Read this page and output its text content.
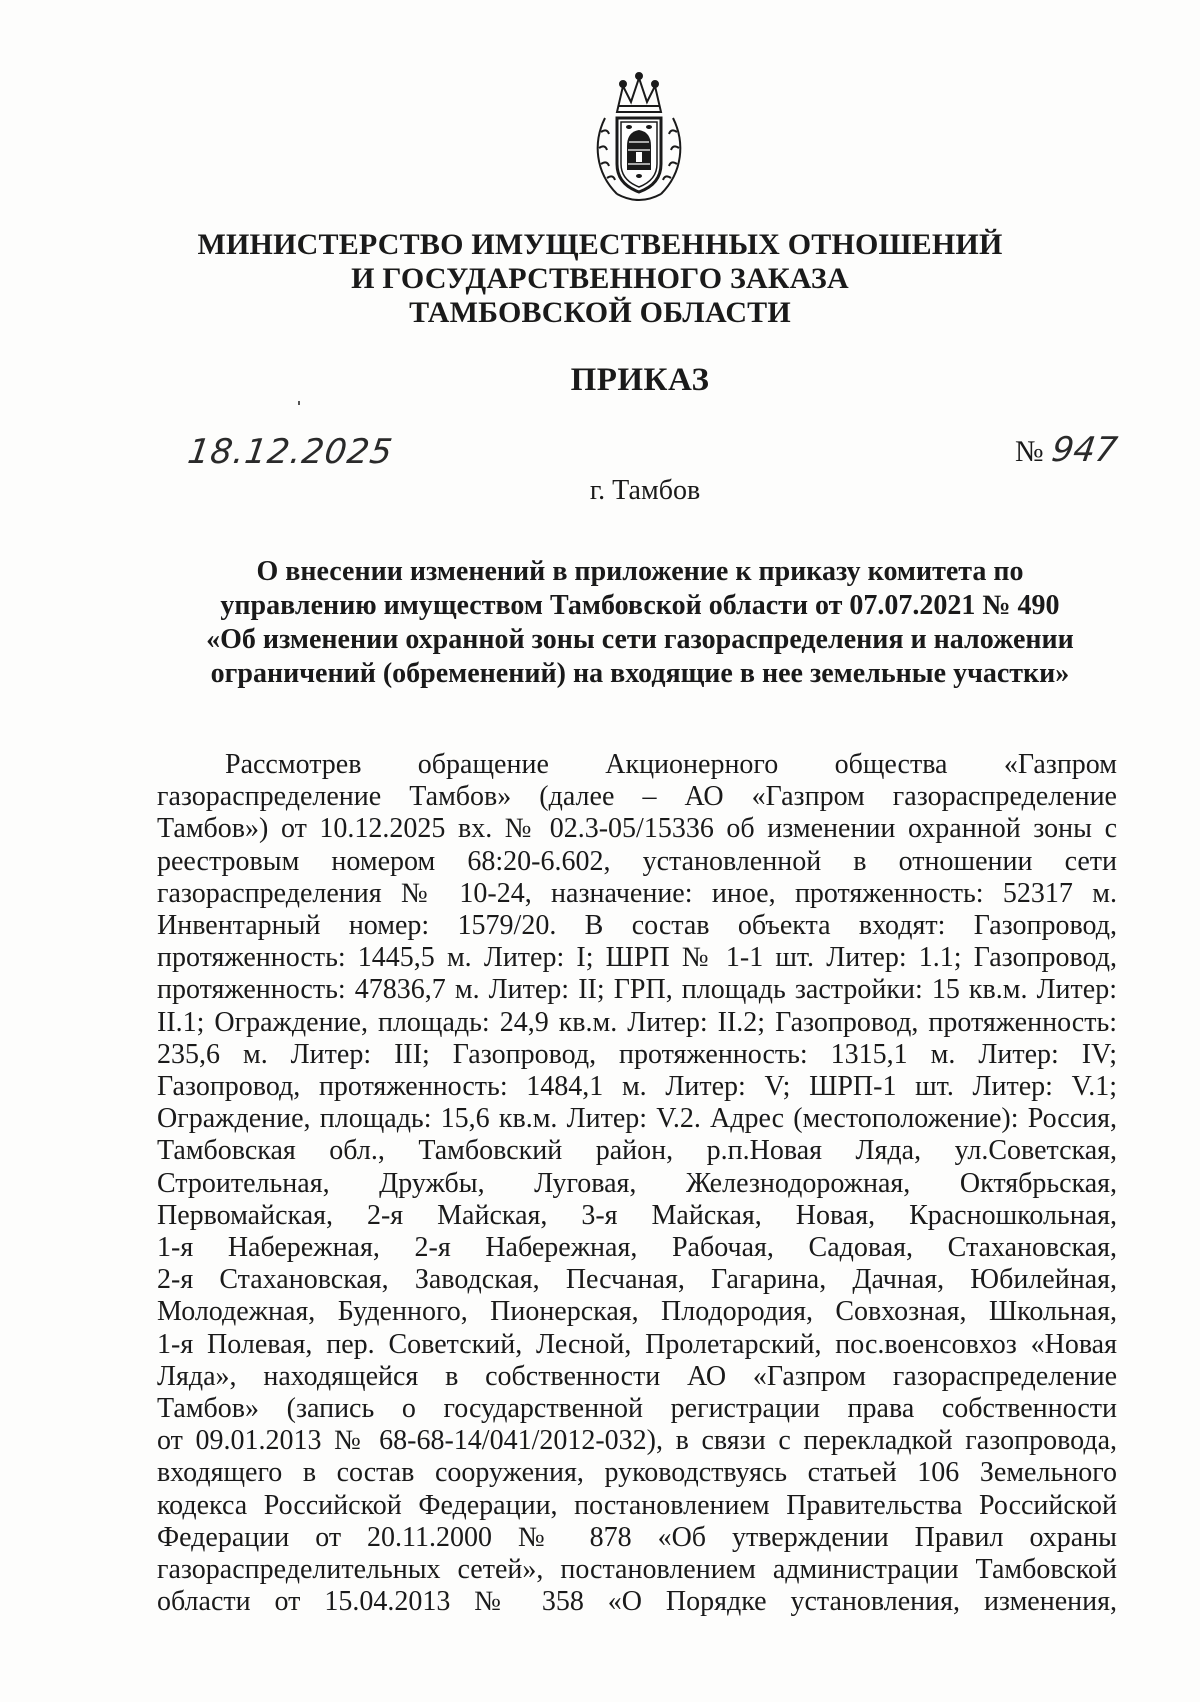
МИНИСТЕРСТВО ИМУЩЕСТВЕННЫХ ОТНОШЕНИЙ
И ГОСУДАРСТВЕННОГО ЗАКАЗА
ТАМБОВСКОЙ ОБЛАСТИ
ПРИКАЗ
18.12.2025	№ 947
г. Тамбов
О внесении изменений в приложение к приказу комитета по
управлению имуществом Тамбовской области от 07.07.2021 № 490
«Об изменении охранной зоны сети газораспределения и наложении
ограничений (обременений) на входящие в нее земельные участки»
Рассмотрев обращение Акционерного общества «Газпром
газораспределение Тамбов» (далее – АО «Газпром газораспределение
Тамбов») от 10.12.2025 вх. № 02.3-05/15336 об изменении охранной зоны с
реестровым номером 68:20-6.602, установленной в отношении сети
газораспределения № 10-24, назначение: иное, протяженность: 52317 м.
Инвентарный номер: 1579/20. В состав объекта входят: Газопровод,
протяженность: 1445,5 м. Литер: I; ШРП № 1-1 шт. Литер: 1.1; Газопровод,
протяженность: 47836,7 м. Литер: II; ГРП, площадь застройки: 15 кв.м. Литер:
II.1; Ограждение, площадь: 24,9 кв.м. Литер: II.2; Газопровод, протяженность:
235,6 м. Литер: III; Газопровод, протяженность: 1315,1 м. Литер: IV;
Газопровод, протяженность: 1484,1 м. Литер: V; ШРП-1 шт. Литер: V.1;
Ограждение, площадь: 15,6 кв.м. Литер: V.2. Адрес (местоположение): Россия,
Тамбовская обл., Тамбовский район, р.п.Новая Ляда, ул.Советская,
Строительная, Дружбы, Луговая, Железнодорожная, Октябрьская,
Первомайская, 2-я Майская, 3-я Майская, Новая, Красношкольная,
1-я Набережная, 2-я Набережная, Рабочая, Садовая, Стахановская,
2-я Стахановская, Заводская, Песчаная, Гагарина, Дачная, Юбилейная,
Молодежная, Буденного, Пионерская, Плодородия, Совхозная, Школьная,
1-я Полевая, пер. Советский, Лесной, Пролетарский, пос.военсовхоз «Новая
Ляда», находящейся в собственности АО «Газпром газораспределение
Тамбов» (запись о государственной регистрации права собственности
от 09.01.2013 № 68-68-14/041/2012-032), в связи с перекладкой газопровода,
входящего в состав сооружения, руководствуясь статьей 106 Земельного
кодекса Российской Федерации, постановлением Правительства Российской
Федерации от 20.11.2000 № 878 «Об утверждении Правил охраны
газораспределительных сетей», постановлением администрации Тамбовской
области от 15.04.2013 № 358 «О Порядке установления, изменения,
